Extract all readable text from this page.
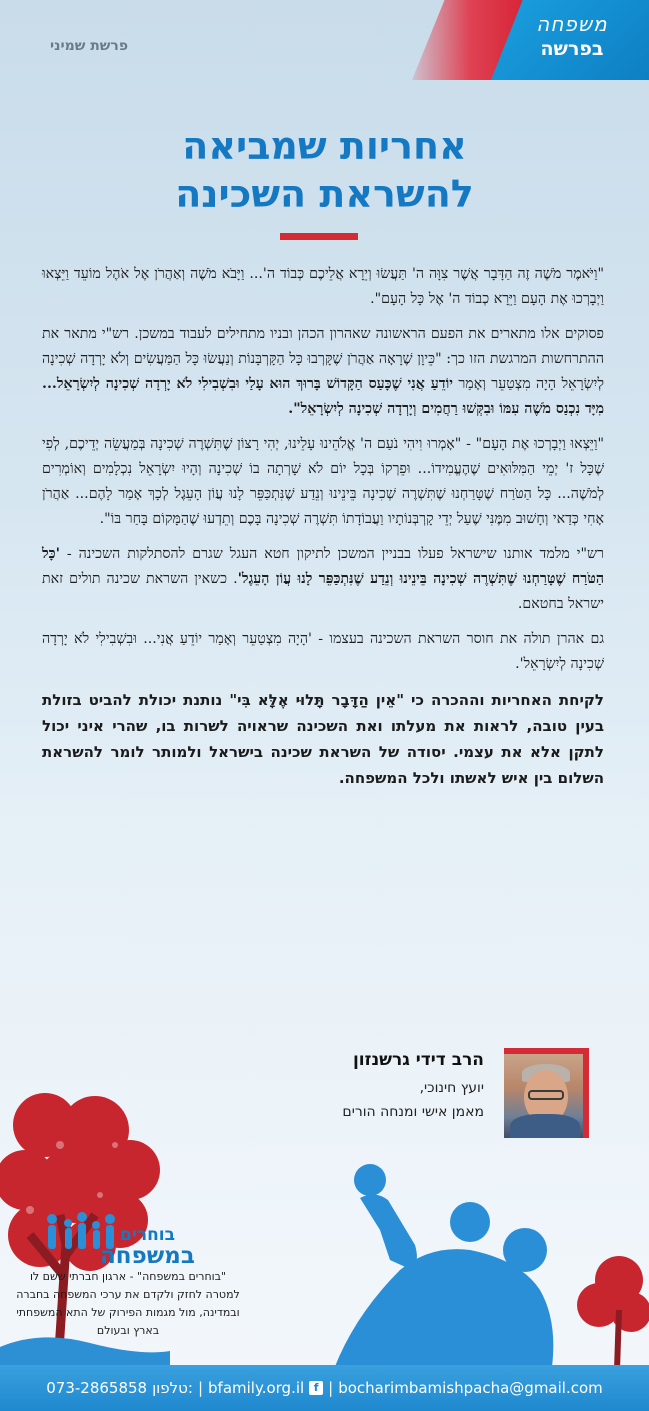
משפחה
בפרשה
פרשת שמיני
אחריות שמביאה
להשראת השכינה

"וַיֹּאמֶר מֹשֶׁה זֶה הַדָּבָר אֲשֶׁר צִוָּה ה' תַּעֲשׂוּ וְיֵרָא אֲלֵיכֶם כְּבוֹד ה'... וַיָּבֹא מֹשֶׁה וְאַהֲרֹן אֶל אֹהֶל מוֹעֵד וַיֵּצְאוּ וַיְבָרְכוּ אֶת הָעָם וַיֵּרָא כְבוֹד ה' אֶל כָּל הָעָם".

פסוקים אלו מתארים את הפעם הראשונה שאהרון הכהן ובניו מתחילים לעבוד במשכן. רש"י מתאר את ההתרחשות המרגשת הזו כך: "כֵּיוָן שֶׁרָאָה אַהֲרֹן שֶׁקָּרְבוּ כָּל הַקָּרְבָּנוֹת וְנַעֲשׂוּ כָּל הַמַּעֲשִׂים וְלֹא יָרְדָה שְׁכִינָה לְיִשְׂרָאֵל הָיָה מִצְטַעֵר וְאָמַר יוֹדֵעַ אֲנִי שֶׁכָּעַס הַקָּדוֹשׁ בָּרוּךְ הוּא עָלַי וּבִשְׁבִילִי לֹא יָרְדָה שְׁכִינָה לְיִשְׂרָאֵל... מִיָּד נִכְנַס מֹשֶׁה עִמּוֹ וּבִקְּשׁוּ רַחֲמִים וְיָרְדָה שְׁכִינָה לְיִשְׂרָאֵל".

"וַיֵּצְאוּ וַיְבָרְכוּ אֶת הָעָם" - "אָמְרוּ וִיהִי נֹעַם ה' אֱלֹהֵינוּ עָלֵינוּ, יְהִי רָצוֹן שֶׁתִּשְׁרֶה שְׁכִינָה בְּמַעֲשֵׂה יְדֵיכֶם, לְפִי שֶׁכָּל ז' יְמֵי הַמִּלּוּאִים שֶׁהֶעֱמִידוֹ... וּפֵרְקוֹ בְּכָל יוֹם לֹא שָׁרְתָה בוֹ שְׁכִינָה וְהָיוּ יִשְׂרָאֵל נִכְלָמִים וְאוֹמְרִים לְמֹשֶׁה... כָּל הַטֹּרַח שֶׁטָּרַחְנוּ שֶׁתִּשְׁרֶה שְׁכִינָה בֵּינֵינוּ וְנֵדַע שֶׁנִּתְכַּפֵּר לָנוּ עֲוֹן הָעֵגֶל לְכָךְ אָמַר לָהֶם... אַהֲרֹן אָחִי כְּדַאי וְחָשׁוּב מִמֶּנִּי שֶׁעַל יְדֵי קָרְבְּנוֹתָיו וַעֲבוֹדָתוֹ תִּשְׁרֶה שְׁכִינָה בָּכֶם וְתֵדְעוּ שֶׁהַמָּקוֹם בָּחַר בּוֹ".

רש"י מלמד אותנו שישראל פעלו בבניין המשכן לתיקון חטא העגל שגרם להסתלקות השכינה - 'כָּל הַטֹּרַח שֶׁטָּרַחְנוּ שֶׁתִּשְׁרֶה שְׁכִינָה בֵּינֵינוּ וְנֵדַע שֶׁנִּתְכַּפֵּר לָנוּ עֲוֹן הָעֵגֶל'. כשאין השראת שכינה תולים זאת ישראל בחטאם.

גם אהרן תולה את חוסר השראת השכינה בעצמו - 'הָיָה מִצְטַעֵר וְאָמַר יוֹדֵעַ אֲנִי... וּבִשְׁבִילִי לֹא יָרְדָה שְׁכִינָה לְיִשְׂרָאֵל'.

לקיחת האחריות וההכרה כי "אֵין הַדָּבָר תָּלוּי אֶלָּא בִּי" נותנת יכולת להביט בזולת בעין טובה, לראות את מעלתו ואת השכינה שראויה לשרות בו, שהרי איני יכול לתקן אלא את עצמי. יסודה של השראת שכינה בישראל ולמותר לומר להשראת השלום בין איש לאשתו ולכל המשפחה.

הרב דידי גרשנזון
יועץ חינוכי,
מאמן אישי ומנחה הורים
בוחרים
במשפחה
"בוחרים במשפחה" - ארגון חברתי ששם לו למטרה לחזק ולקדם את ערכי המשפחה בחברה ובמדינה, מול מגמות הפירוק של התא המשפחתי בארץ ובעולם
073-2865858 טלפון: | bfamily.org.il f | bocharimbamishpacha@gmail.com
